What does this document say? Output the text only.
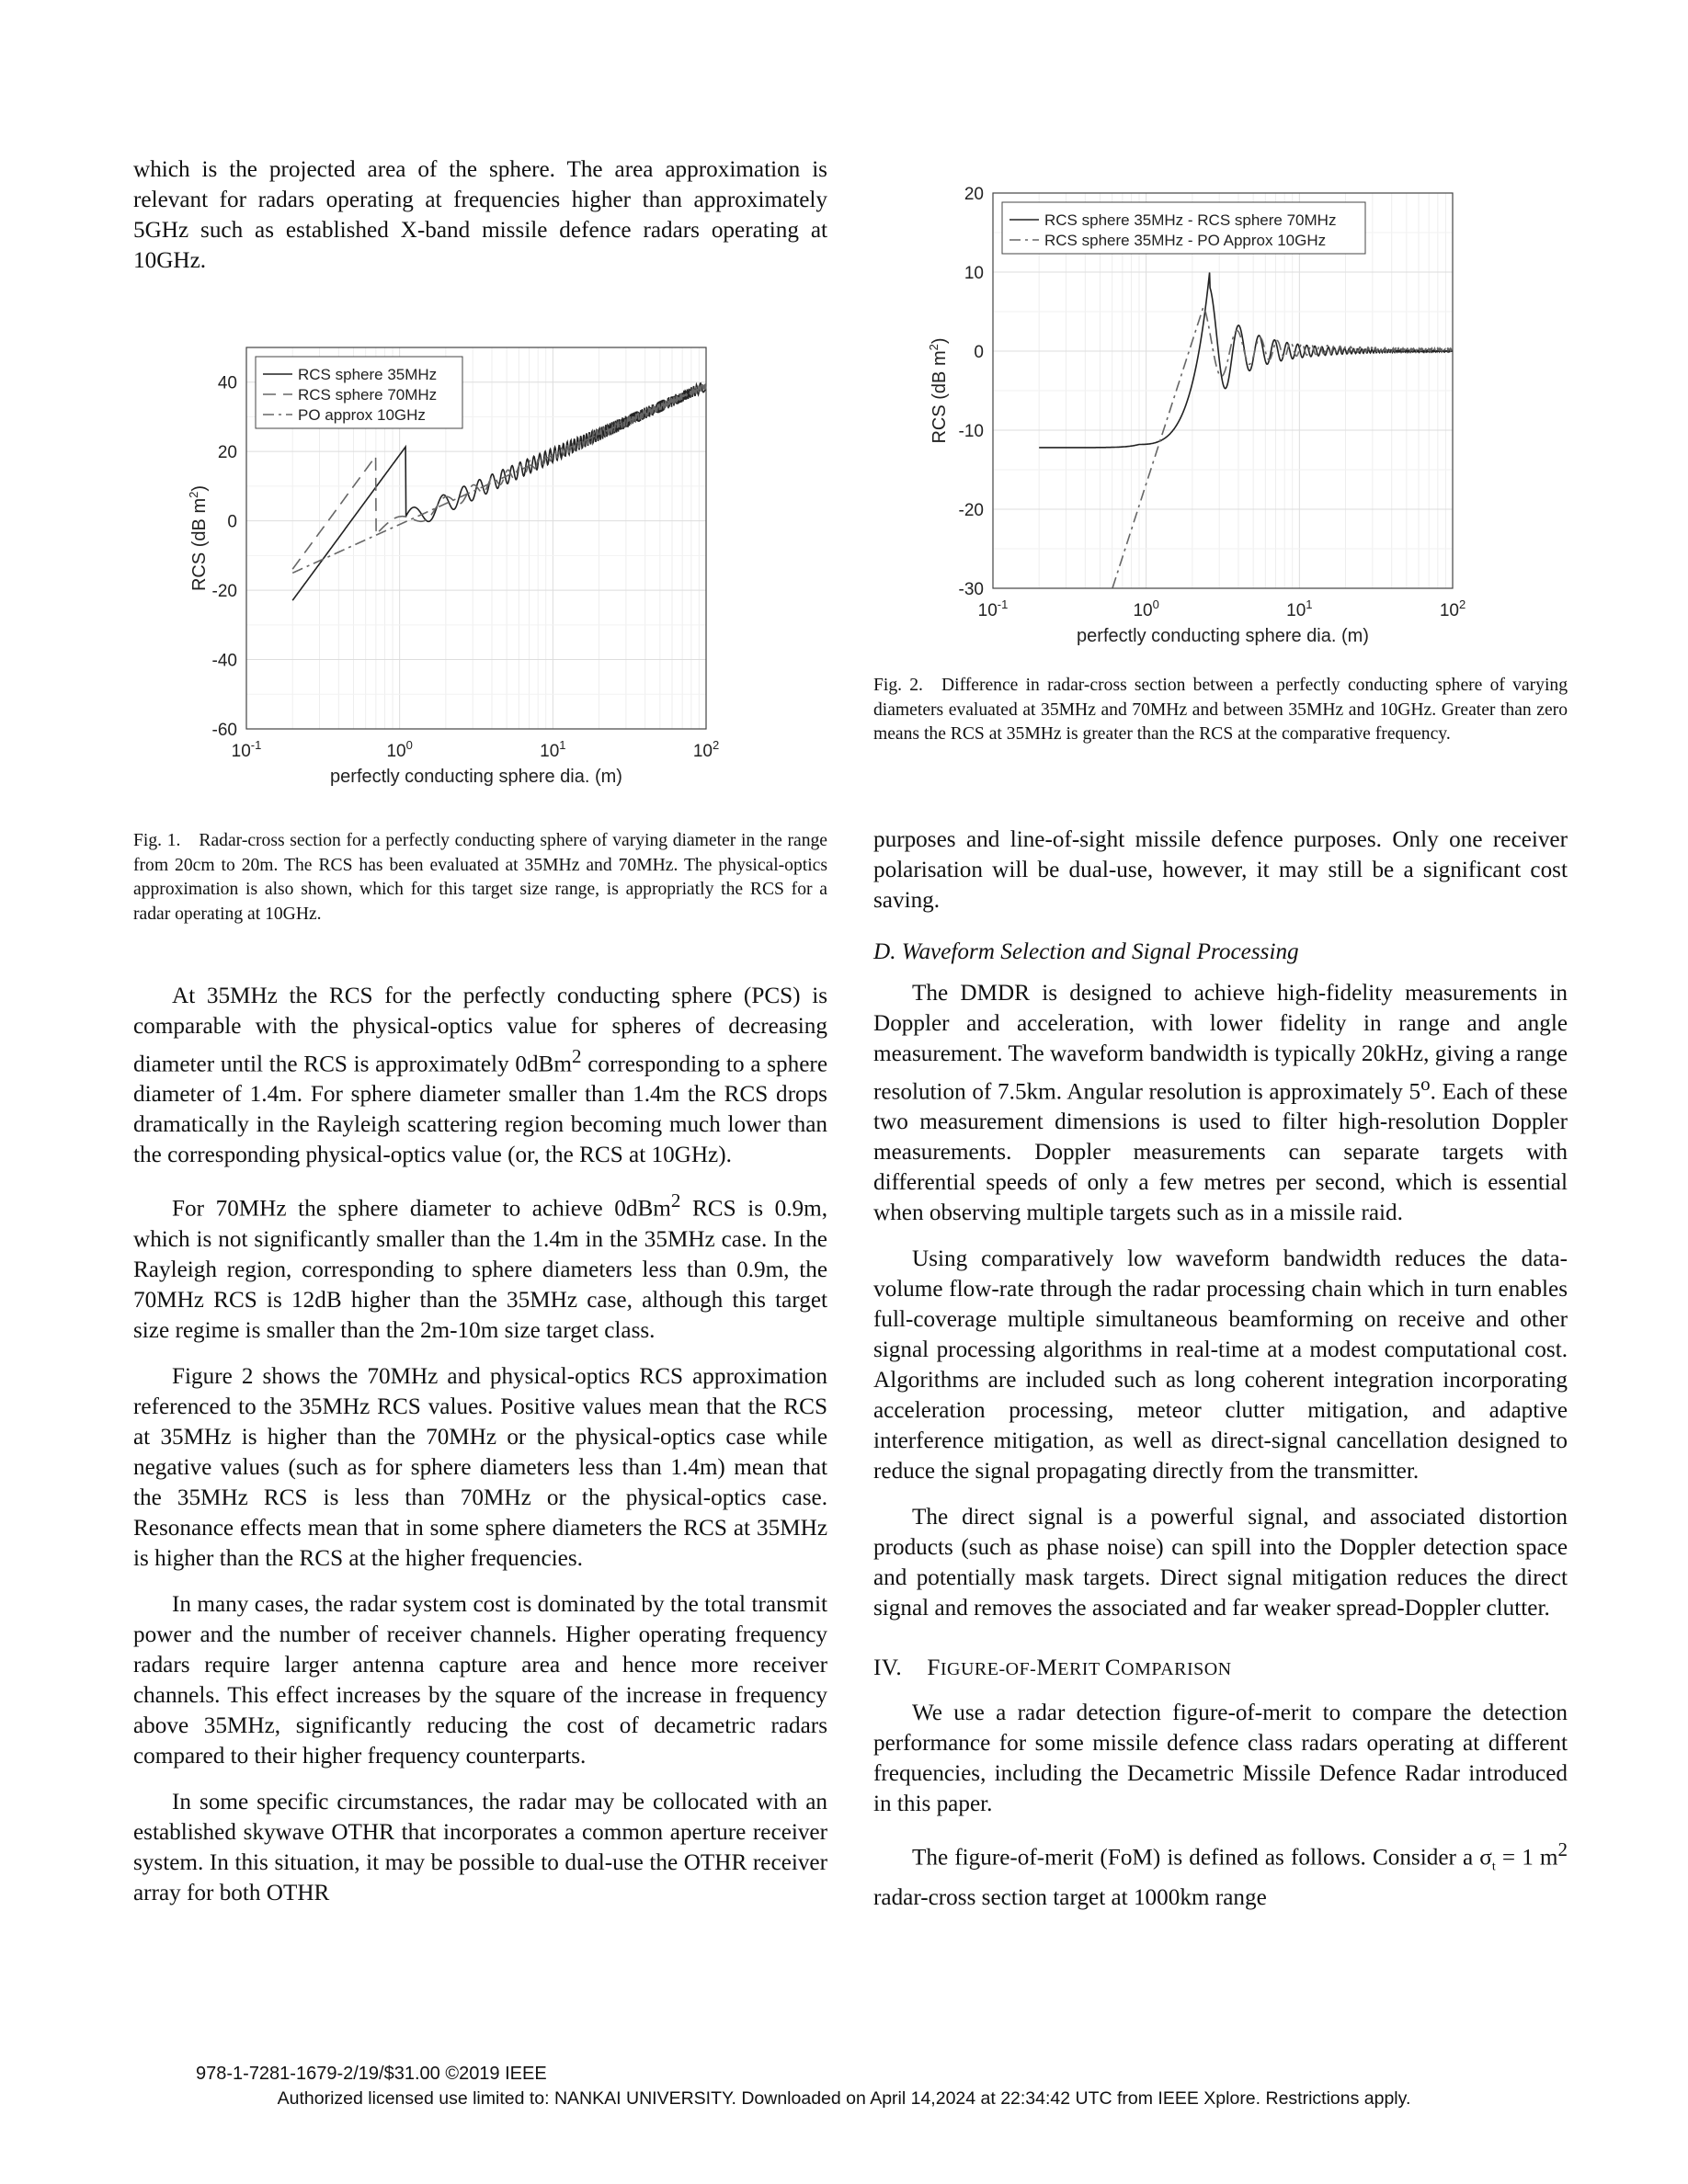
which is the projected area of the sphere. The area approximation is relevant for radars operating at frequencies higher than approximately 5GHz such as established X-band missile defence radars operating at 10GHz.

$10^{-1}$	$10^0$	$10^1$	$10^2$
-60
-40
-20
0
20
40	RCS sphere 35MHz
RCS sphere 70MHz
PO approx 10GHz
perfectly conducting sphere dia. (m)
RCS (dB $m^2$)
Fig. 1. Radar-cross section for a perfectly conducting sphere of varying diameter in the range from 20cm to 20m. The RCS has been evaluated at 35MHz and 70MHz. The physical-optics approximation is also shown, which for this target size range, is appropriatly the RCS for a radar operating at 10GHz.

At 35MHz the RCS for the perfectly conducting sphere (PCS) is comparable with the physical-optics value for spheres of decreasing diameter until the RCS is approximately 0dBm$^2$ corresponding to a sphere diameter of 1.4m. For sphere diameter smaller than 1.4m the RCS drops dramatically in the Rayleigh scattering region becoming much lower than the corresponding physical-optics value (or, the RCS at 10GHz).

For 70MHz the sphere diameter to achieve 0dBm$^2$ RCS is 0.9m, which is not significantly smaller than the 1.4m in the 35MHz case. In the Rayleigh region, corresponding to sphere diameters less than 0.9m, the 70MHz RCS is 12dB higher than the 35MHz case, although this target size regime is smaller than the 2m-10m size target class.

Figure 2 shows the 70MHz and physical-optics RCS approximation referenced to the 35MHz RCS values. Positive values mean that the RCS at 35MHz is higher than the 70MHz or the physical-optics case while negative values (such as for sphere diameters less than 1.4m) mean that the 35MHz RCS is less than 70MHz or the physical-optics case. Resonance effects mean that in some sphere diameters the RCS at 35MHz is higher than the RCS at the higher frequencies.

In many cases, the radar system cost is dominated by the total transmit power and the number of receiver channels. Higher operating frequency radars require larger antenna capture area and hence more receiver channels. This effect increases by the square of the increase in frequency above 35MHz, significantly reducing the cost of decametric radars compared to their higher frequency counterparts.

In some specific circumstances, the radar may be collocated with an established skywave OTHR that incorporates a common aperture receiver system. In this situation, it may be possible to dual-use the OTHR receiver array for both OTHR

$10^{-1}$	$10^0$	$10^1$	$10^2$
-30
-20
-10
0
10
20
RCS sphere 35MHz - RCS sphere 70MHz
RCS sphere 35MHz - PO Approx 10GHz
perfectly conducting sphere dia. (m)
RCS (dB $m^2$)
Fig. 2. Difference in radar-cross section between a perfectly conducting sphere of varying diameters evaluated at 35MHz and 70MHz and between 35MHz and 10GHz. Greater than zero means the RCS at 35MHz is greater than the RCS at the comparative frequency.

purposes and line-of-sight missile defence purposes. Only one receiver polarisation will be dual-use, however, it may still be a significant cost saving.

D. Waveform Selection and Signal Processing

The DMDR is designed to achieve high-fidelity measurements in Doppler and acceleration, with lower fidelity in range and angle measurement. The waveform bandwidth is typically 20kHz, giving a range resolution of 7.5km. Angular resolution is approximately 5$^o$. Each of these two measurement dimensions is used to filter high-resolution Doppler measurements. Doppler measurements can separate targets with differential speeds of only a few metres per second, which is essential when observing multiple targets such as in a missile raid.

Using comparatively low waveform bandwidth reduces the data-volume flow-rate through the radar processing chain which in turn enables full-coverage multiple simultaneous beamforming on receive and other signal processing algorithms in real-time at a modest computational cost. Algorithms are included such as long coherent integration incorporating acceleration processing, meteor clutter mitigation, and adaptive interference mitigation, as well as direct-signal cancellation designed to reduce the signal propagating directly from the transmitter.

The direct signal is a powerful signal, and associated distortion products (such as phase noise) can spill into the Doppler detection space and potentially mask targets. Direct signal mitigation reduces the direct signal and removes the associated and far weaker spread-Doppler clutter.

IV. FIGURE-OF-MERIT COMPARISON

We use a radar detection figure-of-merit to compare the detection performance for some missile defence class radars operating at different frequencies, including the Decametric Missile Defence Radar introduced in this paper.

The figure-of-merit (FoM) is defined as follows. Consider a $\sigma_t = 1$ $m^2$ radar-cross section target at 1000km range

978-1-7281-1679-2/19/$31.00 ©2019 IEEE
Authorized licensed use limited to: NANKAI UNIVERSITY. Downloaded on April 14,2024 at 22:34:42 UTC from IEEE Xplore. Restrictions apply.
